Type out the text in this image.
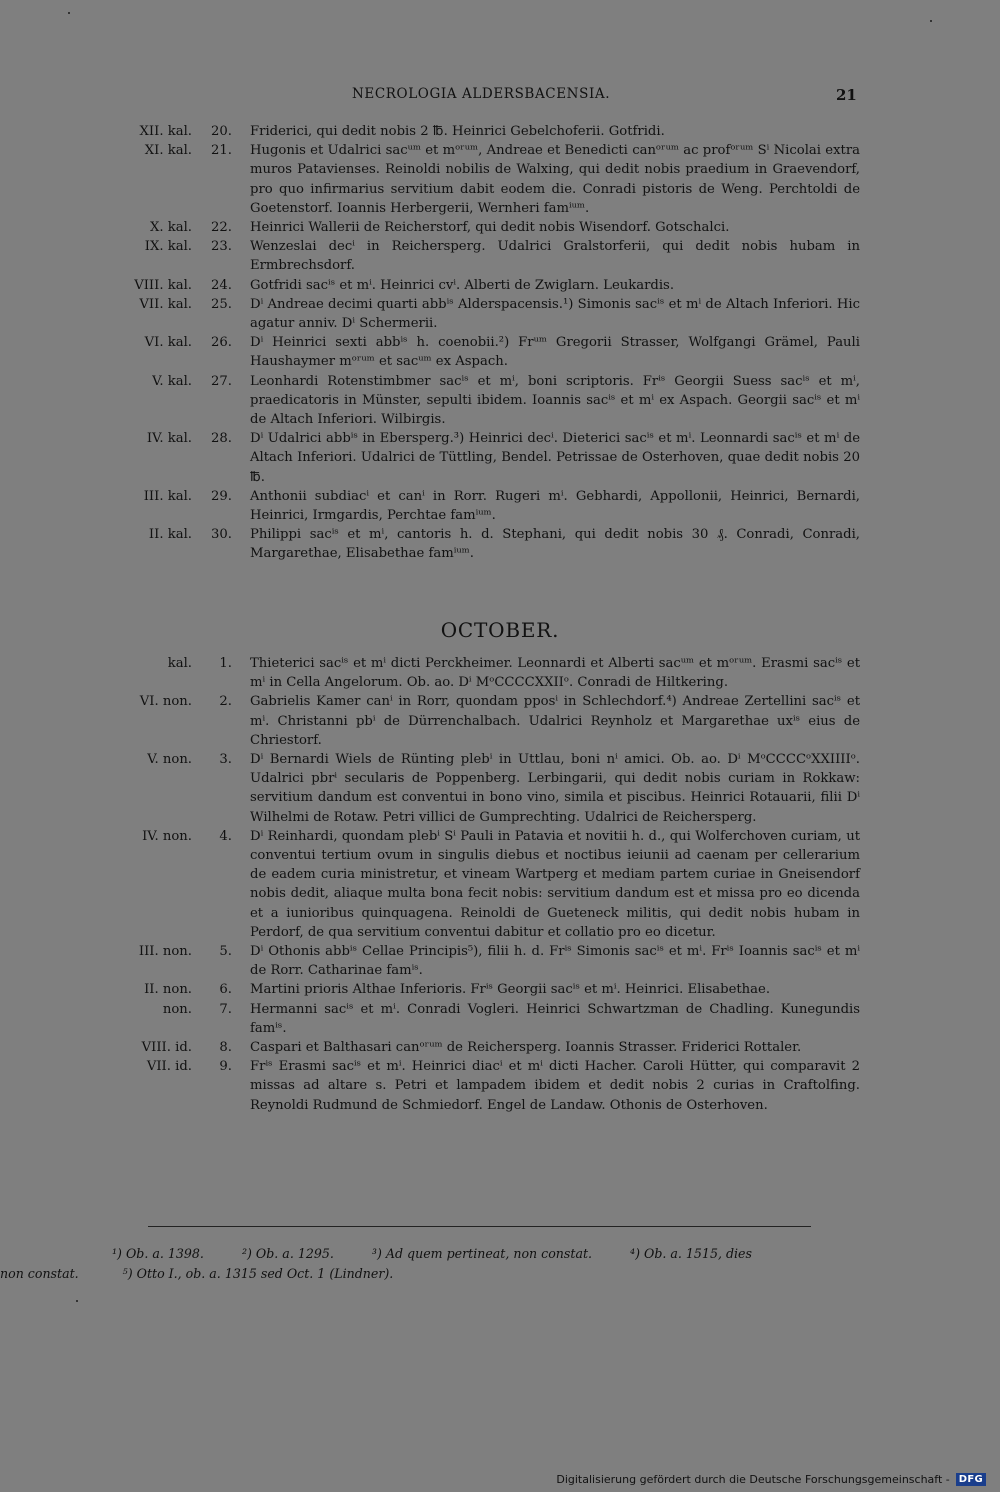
NECROLOGIA ALDERSBACENSIA.	21
XII. kal.	20. Friderici, qui dedit nobis 2 ℔. Heinrici Gebelchoferii. Gotfridi.
XI. kal.	21. Hugonis et Udalrici sacᵘᵐ et mᵒʳᵘᵐ, Andreae et Benedicti canᵒʳᵘᵐ ac profᵒʳᵘᵐ Sⁱ Nicolai extra muros Patavienses. Reinoldi nobilis de Walxing, qui dedit nobis praedium in Graevendorf, pro quo infirmarius servitium dabit eodem die. Conradi pistoris de Weng. Perchtoldi de Goetenstorf. Ioannis Herbergerii, Wernheri famⁱᵘᵐ.
X. kal.	22. Heinrici Wallerii de Reicherstorf, qui dedit nobis Wisendorf. Gotschalci.
IX. kal.	23. Wenzeslai decⁱ in Reichersperg. Udalrici Gralstorferii, qui dedit nobis hubam in Ermbrechsdorf.
VIII. kal.	24. Gotfridi sacⁱˢ et mⁱ. Heinrici cvⁱ. Alberti de Zwiglarn. Leukardis.
VII. kal.	25. Dⁱ Andreae decimi quarti abbⁱˢ Alderspacensis.¹) Simonis sacⁱˢ et mⁱ de Altach Inferiori. Hic agatur anniv. Dⁱ Schermerii.
VI. kal.	26. Dⁱ Heinrici sexti abbⁱˢ h. coenobii.²) Frᵘᵐ Gregorii Strasser, Wolfgangi Grämel, Pauli Haushaymer mᵒʳᵘᵐ et sacᵘᵐ ex Aspach.
V. kal.	27. Leonhardi Rotenstimbmer sacⁱˢ et mⁱ, boni scriptoris. Frⁱˢ Georgii Suess sacⁱˢ et mⁱ, praedicatoris in Münster, sepulti ibidem. Ioannis sacⁱˢ et mⁱ ex Aspach. Georgii sacⁱˢ et mⁱ de Altach Inferiori. Wilbirgis.
IV. kal.	28. Dⁱ Udalrici abbⁱˢ in Ebersperg.³) Heinrici decⁱ. Dieterici sacⁱˢ et mⁱ. Leonnardi sacⁱˢ et mⁱ de Altach Inferiori. Udalrici de Tüttling, Bendel. Petrissae de Osterhoven, quae dedit nobis 20 ℔.
III. kal.	29. Anthonii subdiacⁱ et canⁱ in Rorr. Rugeri mⁱ. Gebhardi, Appollonii, Heinrici, Bernardi, Heinrici, Irmgardis, Perchtae famⁱᵘᵐ.
II. kal.	30. Philippi sacⁱˢ et mⁱ, cantoris h. d. Stephani, qui dedit nobis 30 ₰. Conradi, Conradi, Margarethae, Elisabethae famⁱᵘᵐ.
OCTOBER.
kal.	1. Thieterici sacⁱˢ et mⁱ dicti Perckheimer. Leonnardi et Alberti sacᵘᵐ et mᵒʳᵘᵐ. Erasmi sacⁱˢ et mⁱ in Cella Angelorum. Ob. ao. Dⁱ MᵒCCCCXXIIᵒ. Conradi de Hiltkering.
VI. non.	2. Gabrielis Kamer canⁱ in Rorr, quondam pposⁱ in Schlechdorf.⁴) Andreae Zertellini sacⁱˢ et mⁱ. Christanni pbⁱ de Dürrenchalbach. Udalrici Reynholz et Margarethae uxⁱˢ eius de Chriestorf.
V. non.	3. Dⁱ Bernardi Wiels de Rünting plebⁱ in Uttlau, boni nⁱ amici. Ob. ao. Dⁱ MᵒCCCCᵒXXIIIIᵒ. Udalrici pbrⁱ secularis de Poppenberg. Lerbingarii, qui dedit nobis curiam in Rokkaw: servitium dandum est conventui in bono vino, simila et piscibus. Heinrici Rotauarii, filii Dⁱ Wilhelmi de Rotaw. Petri villici de Gumprechting. Udalrici de Reichersperg.
IV. non.	4. Dⁱ Reinhardi, quondam plebⁱ Sⁱ Pauli in Patavia et novitii h. d., qui Wolferchoven curiam, ut conventui tertium ovum in singulis diebus et noctibus ieiunii ad caenam per cellerarium de eadem curia ministretur, et vineam Wartperg et mediam partem curiae in Gneisendorf nobis dedit, aliaque multa bona fecit nobis: servitium dandum est et missa pro eo dicenda et a iunioribus quinquagena. Reinoldi de Gueteneck militis, qui dedit nobis hubam in Perdorf, de qua servitium conventui dabitur et collatio pro eo dicetur.
III. non.	5. Dⁱ Othonis abbⁱˢ Cellae Principis⁵), filii h. d. Frⁱˢ Simonis sacⁱˢ et mⁱ. Frⁱˢ Ioannis sacⁱˢ et mⁱ de Rorr. Catharinae famⁱˢ.
II. non.	6. Martini prioris Althae Inferioris. Frⁱˢ Georgii sacⁱˢ et mⁱ. Heinrici. Elisabethae.
non.	7. Hermanni sacⁱˢ et mⁱ. Conradi Vogleri. Heinrici Schwartzman de Chadling. Kunegundis famⁱˢ.
VIII. id.	8. Caspari et Balthasari canᵒʳᵘᵐ de Reichersperg. Ioannis Strasser. Friderici Rottaler.
VII. id.	9. Frⁱˢ Erasmi sacⁱˢ et mⁱ. Heinrici diacⁱ et mⁱ dicti Hacher. Caroli Hütter, qui comparavit 2 missas ad altare s. Petri et lampadem ibidem et dedit nobis 2 curias in Craftolfing. Reynoldi Rudmund de Schmiedorf. Engel de Landaw. Othonis de Osterhoven.
¹) Ob. a. 1398.	²) Ob. a. 1295.	³) Ad quem pertineat, non constat.	⁴) Ob. a. 1515, dies
non constat.	⁵) Otto I., ob. a. 1315 sed Oct. 1 (Lindner).
Digitalisierung gefördert durch die Deutsche Forschungsgemeinschaft - DFG
